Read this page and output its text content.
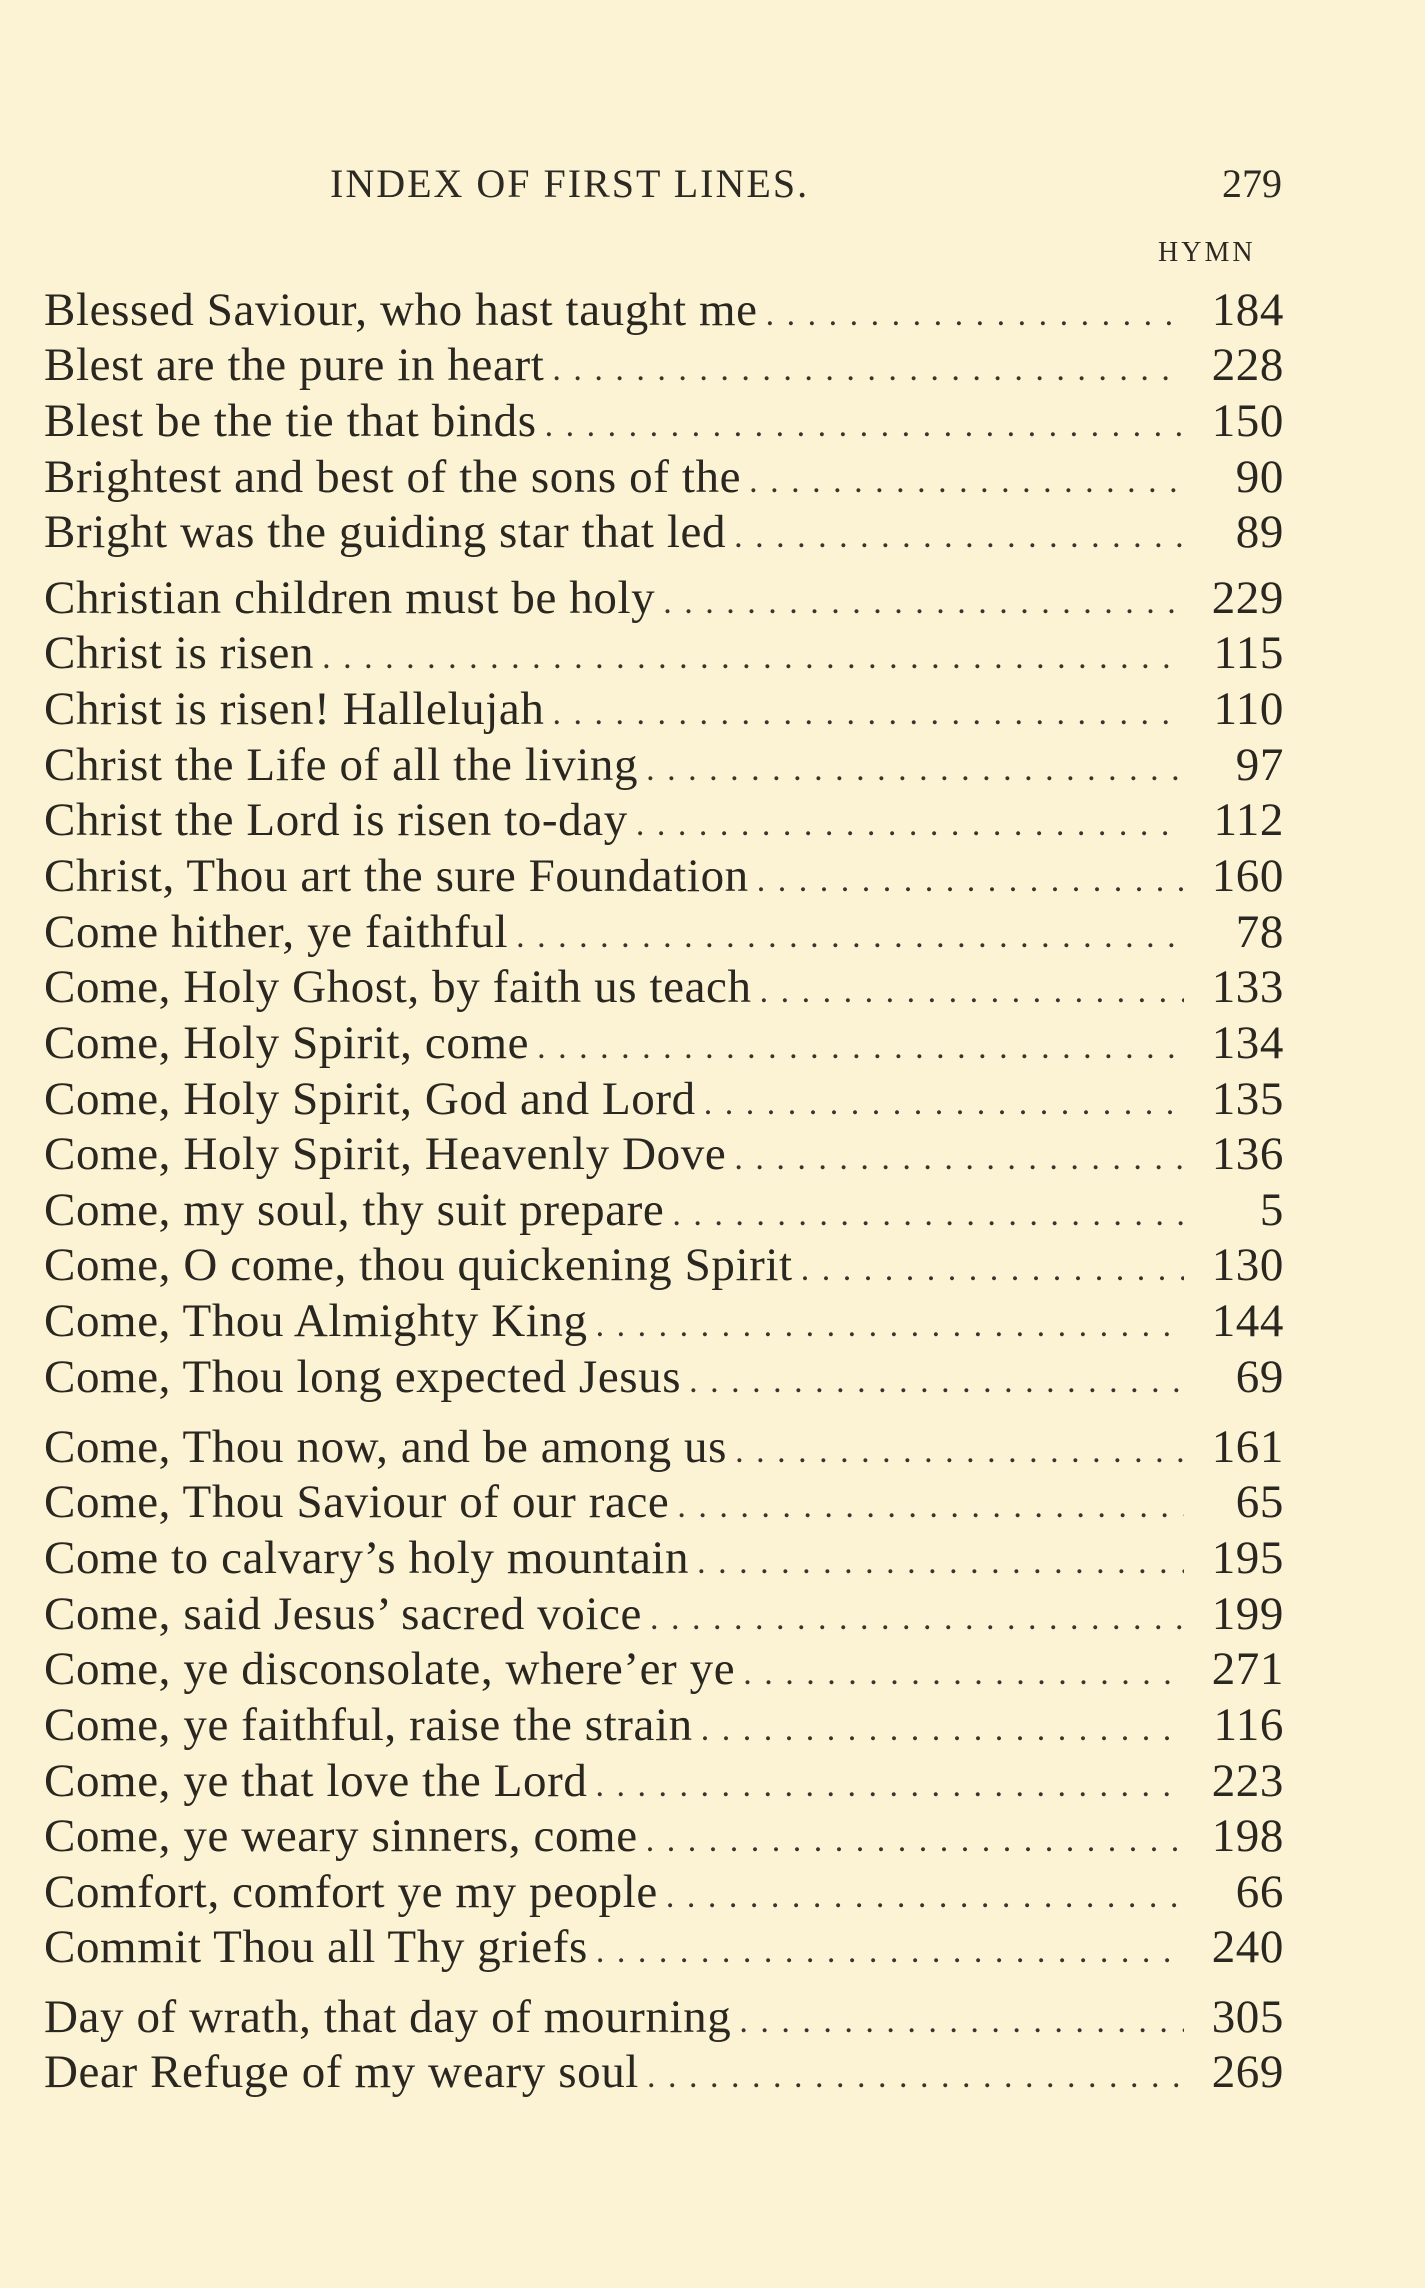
INDEX OF FIRST LINES.	279
HYMN
Blessed Saviour, who hast taught me . . .	184
Blest are the pure in heart . . .	228
Blest be the tie that binds . . .	150
Brightest and best of the sons of the . . .	90
Bright was the guiding star that led . . .	89
Christian children must be holy . . .	229
Christ is risen . . .	115
Christ is risen! Hallelujah . . .	110
Christ the Life of all the living . . .	97
Christ the Lord is risen to-day . . .	112
Christ, Thou art the sure Foundation . . .	160
Come hither, ye faithful . . .	78
Come, Holy Ghost, by faith us teach . . .	133
Come, Holy Spirit, come . . .	134
Come, Holy Spirit, God and Lord . . .	135
Come, Holy Spirit, Heavenly Dove . . .	136
Come, my soul, thy suit prepare . . .	5
Come, O come, thou quickening Spirit . . .	130
Come, Thou Almighty King . . .	144
Come, Thou long expected Jesus . . .	69
Come, Thou now, and be among us . . .	161
Come, Thou Saviour of our race . . .	65
Come to calvary’s holy mountain . . .	195
Come, said Jesus’ sacred voice . . .	199
Come, ye disconsolate, where’er ye . . .	271
Come, ye faithful, raise the strain . . .	116
Come, ye that love the Lord . . .	223
Come, ye weary sinners, come . . .	198
Comfort, comfort ye my people . . .	66
Commit Thou all Thy griefs . . .	240
Day of wrath, that day of mourning . . .	305
Dear Refuge of my weary soul . . .	269
